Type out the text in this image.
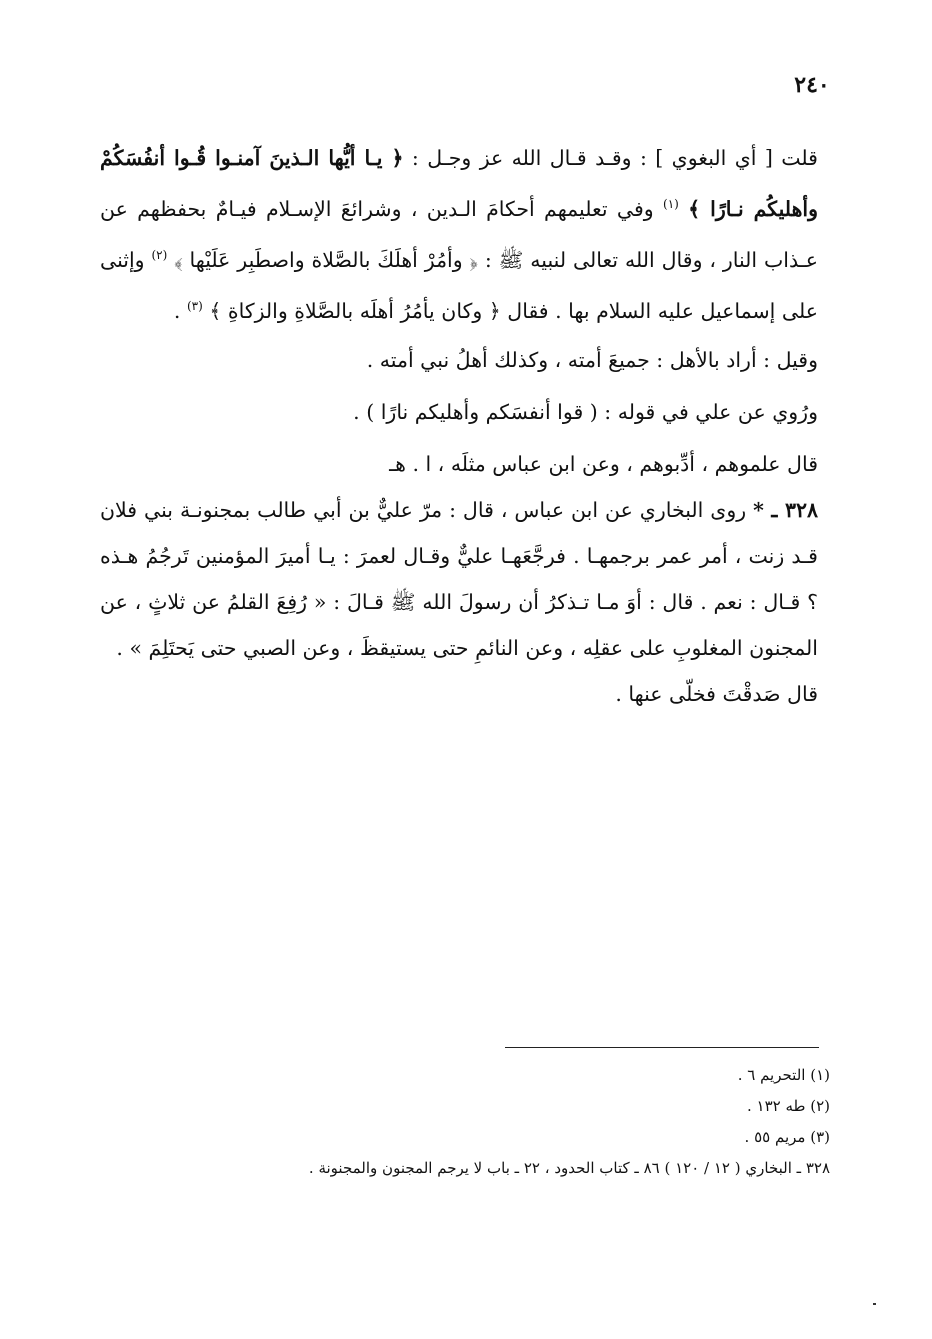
٢٤٠

قلت [ أي البغوي ] : وقـد قـال الله عز وجـل : ﴿ يـا أيُّها الـذينَ آمنـوا قُـوا أنفُسَكُمْ وأهليكُم نـارًا ﴾ $^{(١)}$ وفي تعليمهم أحكامَ الـدين ، وشرائعَ الإسـلام فيـامٌ بحفظهم عن عـذاب النار ، وقال الله تعالى لنبيه ﷺ : ﴿ وأمُرْ أهلَكَ بالصَّلاة واصطَبِر عَلَيْها ﴾ $^{(٢)}$ وإثنى على إسماعيل عليه السلام بها . فقال ﴿ وكان يأمُرُ أهلَه بالصَّلاةِ والزكاةِ ﴾ $^{(٣)}$ .

وقيل : أراد بالأهل : جميعَ أمته ، وكذلك أهلُ نبي أمته .

ورُوي عن علي في قوله : ( قوا أنفسَكم وأهليكم نارًا ) .

قال علموهم ، أدِّبوهم ، وعن ابن عباس مثلَه ، ا . هـ

٣٢٨ ـ * روى البخاري عن ابن عباس ، قال : مرّ عليٌّ بن أبي طالب بمجنونـة بني فلان قـد زنت ، أمر عمر برجمهـا . فرجَّعَهـا عليٌّ وقـال لعمرَ : يـا أميرَ المؤمنين تَرجُمُ هـذه ؟ قـال : نعم . قال : أوَ مـا تـذكرُ أن رسولَ الله ﷺ قـالَ : « رُفِعَ القلمُ عن ثلاثٍ ، عن المجنون المغلوبِ على عقلِه ، وعن النائمِ حتى يستيقظَ ، وعن الصبي حتى يَحتَلِمَ » .

قال صَدقْتَ فخلّى عنها .

(١) التحريم ٦ .
(٢) طه ١٣٢ .
(٣) مريم ٥٥ .
٣٢٨ ـ البخاري ( ١٢ / ١٢٠ ) ٨٦ ـ كتاب الحدود ، ٢٢ ـ باب لا يرجم المجنون والمجنونة .
